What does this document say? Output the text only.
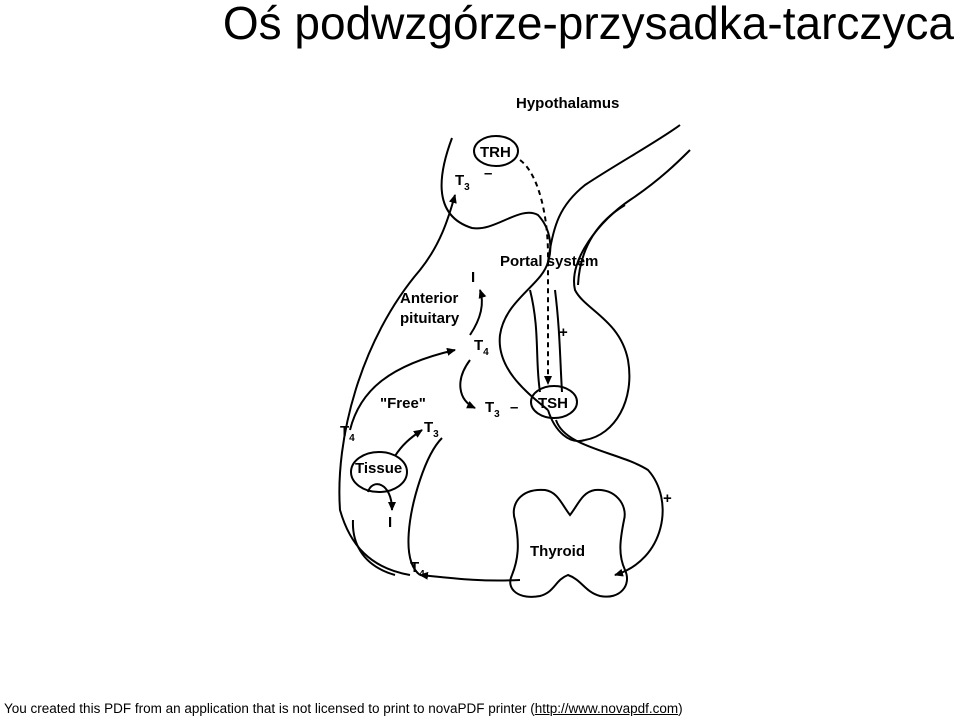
Oś podwzgórze-przysadka-tarczyca
TRH
TSH
Tissue
Thyroid
Hypothalamus
Portal system
Anterior
pituitary
"Free"
$T_3$
–
$T_4$
$T_3$ –
$T_4$
$T_3$
$T_4$
I
I
+
+
You created this PDF from an application that is not licensed to print to novaPDF printer (http://www.novapdf.com)
